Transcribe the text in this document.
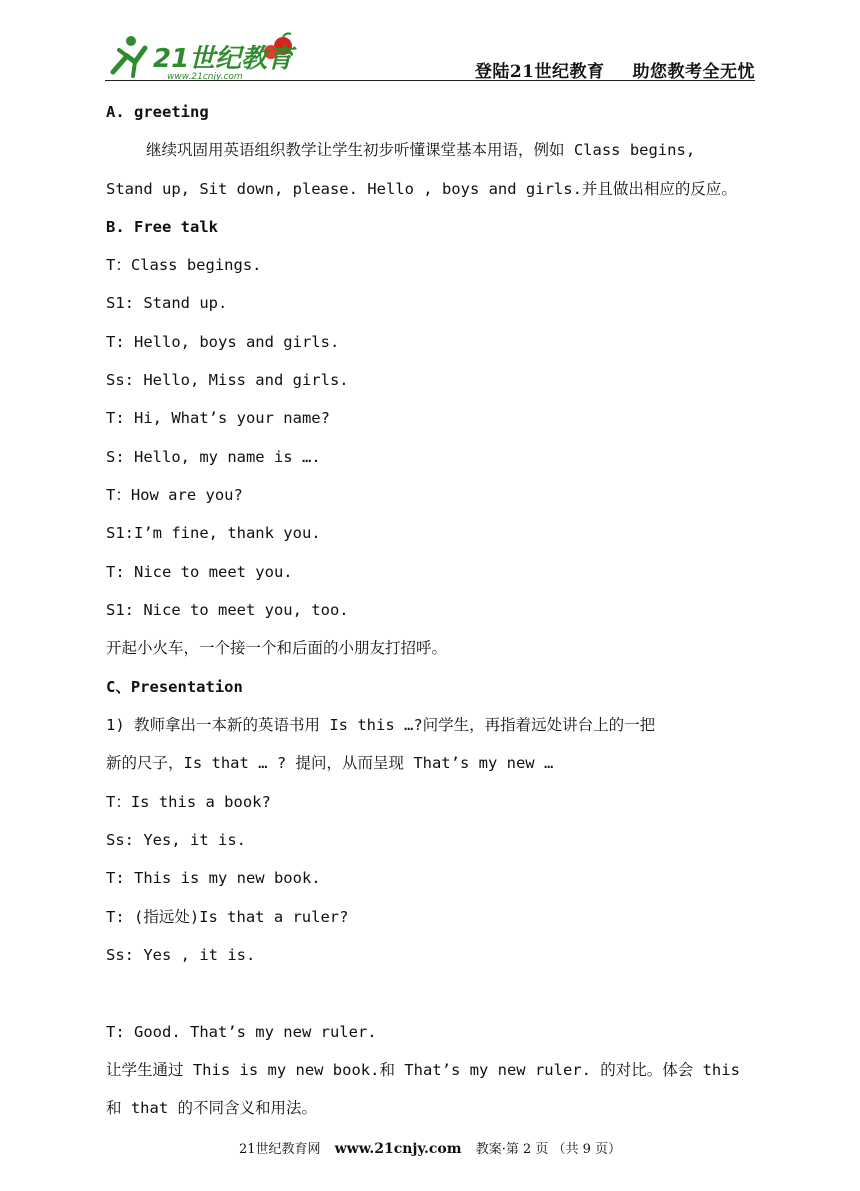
21世纪教育
www.21cnjy.com	登陆21世纪教育 助您教考全无忧
A. greeting
继续巩固用英语组织教学让学生初步听懂课堂基本用语，例如 Class begins,
Stand up, Sit down, please. Hello , boys and girls.并且做出相应的反应。
B. Free talk
T：Class begings.
S1: Stand up.
T: Hello, boys and girls.
Ss: Hello, Miss and girls.
T: Hi, What’s your name?
S: Hello, my name is ….
T：How are you?
S1:I’m fine, thank you.
T: Nice to meet you.
S1: Nice to meet you, too.
开起小火车，一个接一个和后面的小朋友打招呼。
C、Presentation
1) 教师拿出一本新的英语书用 Is this …?问学生，再指着远处讲台上的一把
新的尺子，Is that … ? 提问，从而呈现 That’s my new …
T：Is this a book?
Ss: Yes, it is.
T: This is my new book.
T: (指远处)Is that a ruler?
Ss: Yes , it is.
T: Good. That’s my new ruler.
让学生通过 This is my new book.和 That’s my new ruler. 的对比。体会 this
和 that 的不同含义和用法。
21世纪教育网 www.21cnjy.com 教案·第 2 页 （共 9 页）
